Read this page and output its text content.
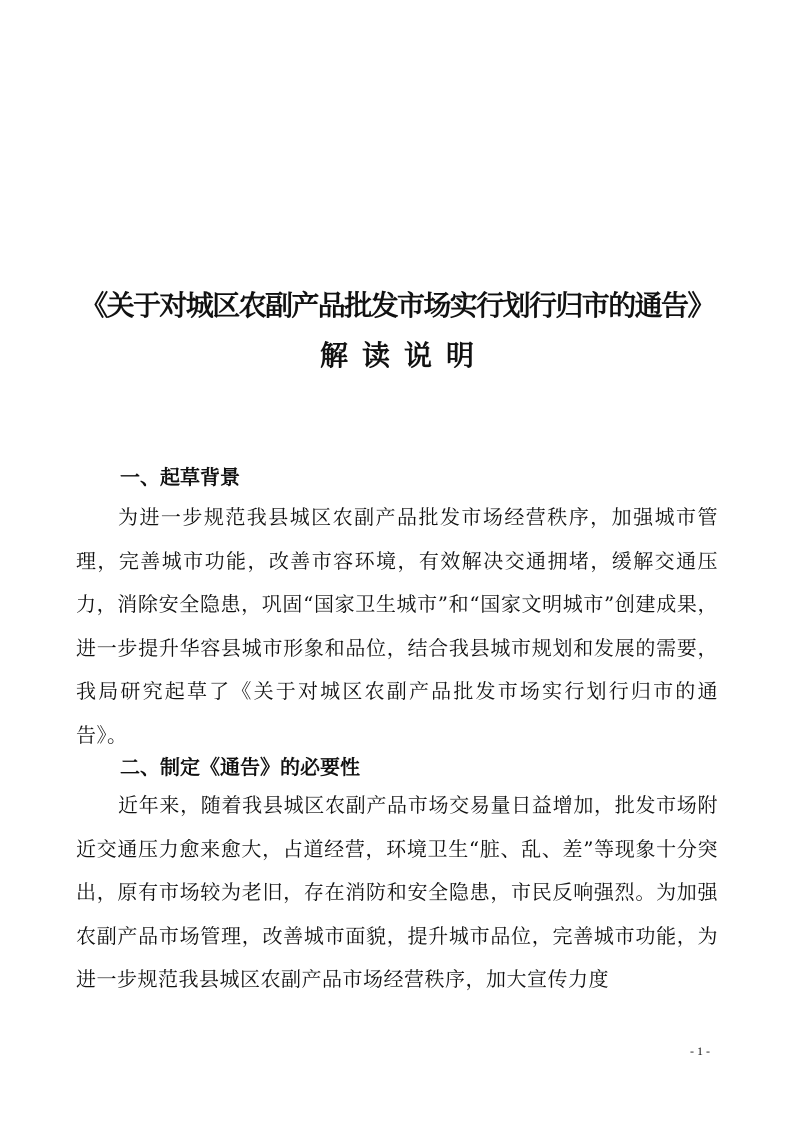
《关于对城区农副产品批发市场实行划行归市的通告》
解读说明
一、起草背景

为进一步规范我县城区农副产品批发市场经营秩序，加强城市管理，完善城市功能，改善市容环境，有效解决交通拥堵，缓解交通压力，消除安全隐患，巩固“国家卫生城市”和“国家文明城市”创建成果，进一步提升华容县城市形象和品位，结合我县城市规划和发展的需要，我局研究起草了《关于对城区农副产品批发市场实行划行归市的通告》。

二、制定《通告》的必要性

近年来，随着我县城区农副产品市场交易量日益增加，批发市场附近交通压力愈来愈大，占道经营，环境卫生“脏、乱、差”等现象十分突出，原有市场较为老旧，存在消防和安全隐患，市民反响强烈。为加强农副产品市场管理，改善城市面貌，提升城市品位，完善城市功能，为进一步规范我县城区农副产品市场经营秩序，加大宣传力度

- 1 -
